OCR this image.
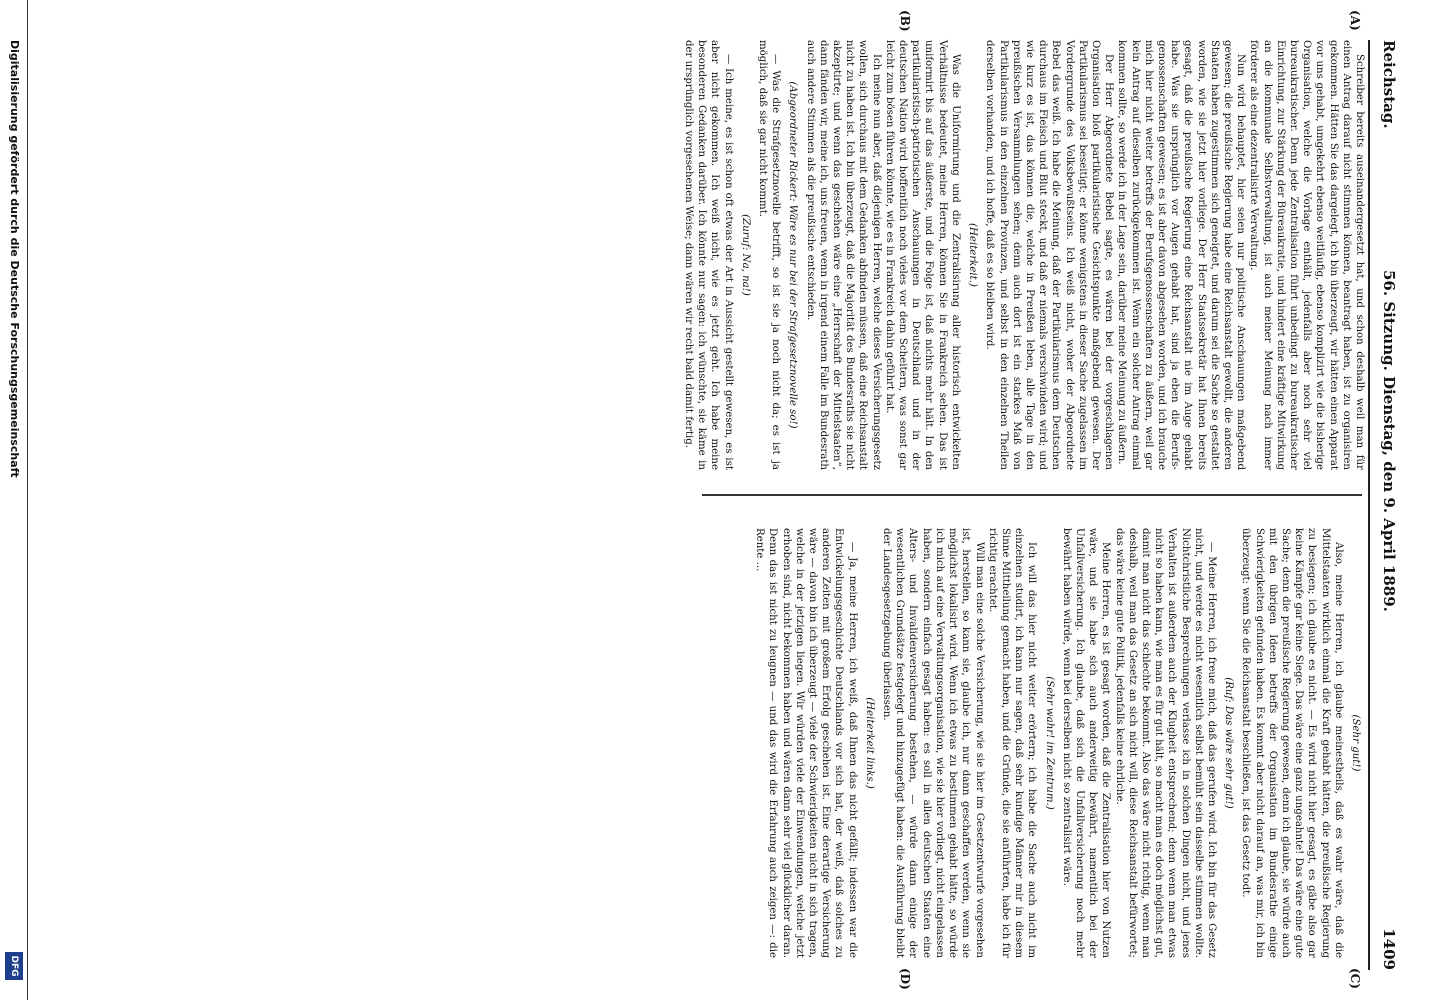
Reichstag.
56. Sitzung. Dienstag, den 9. April 1889.
1409
(A)
(B)
(C)
(D)

Schreiber bereits auseinandergesetzt hat, und schon deshalb weil man für einen Antrag darauf nicht stimmen können, beantragt haben, ist zu organisiren gekommen. Hätten Sie das dargelegt, ich bin überzeugt, wir hätten einen Apparat vor uns gehabt, umgekehrt ebenso weitläufig, ebenso komplizirt wie die bisherige Organisation, welche die Vorlage enthält, jedenfalls aber noch sehr viel bureaukratischer. Denn jede Zentralisation führt unbedingt zu bureaukratischer Einrichtung, zur Stärkung der Büreaukratie, und hindert eine kräftige Mitwirkung an die kommunale Selbstverwaltung, ist auch meiner Meinung nach immer förderer als eine dezentralisirte Verwaltung.

Nun wird behauptet, hier seien nur politische Anschauungen maßgebend gewesen; die preußische Regierung habe eine Reichsanstalt gewollt, die anderen Staaten haben zugestimmen sich geneigtet, und darum sei die Sache so gestaltet worden, wie sie jetzt hier vorliege. Der Herr Staatssekretär hat Ihnen bereits gesagt, daß die preußische Regierung eine Reichsanstalt nie im Auge gehabt habe. Was sie ursprünglich vor Augen gehabt hat, sind ja eben die Berufsgenossenschaften gewesen; es ist aber davon abgesehen worden, und ich brauche mich hier nicht weiter betreffs der Berufsgenossenschaften zu äußern, weil gar kein Antrag auf dieselben zurückgekommen ist. Wenn ein solcher Antrag einmal kommen sollte, so werde ich in der Lage sein, darüber meine Meinung zu äußern.

Der Herr Abgeordnete Bebel sagte, es wären bei der vorgeschlagenen Organisation bloß partikularistische Gesichtspunkte maßgebend gewesen. Der Partikularismus sei beseitigt; er könne wenigstens in dieser Sache zugelassen im Vordergrunde des Volksbewußtseins. Ich weiß nicht, woher der Abgeordnete Bebel das weiß. Ich habe die Meinung, daß der Partikularismus dem Deutschen durchaus im Fleisch und Blut steckt, und daß er niemals verschwinden wird; und wie kurz es ist, das können die, welche in Preußen leben, alle Tage in den preußischen Versammlungen sehen; denn auch dort ist ein starkes Maß von Partikularismus in den einzelnen Provinzen, und selbst in den einzelnen Theilen derselben vorhanden, und ich hoffe, daß es so bleiben wird.

(Heiterkeit.)

Was die Uniformirung und die Zentralisirung aller historisch entwickelten Verhältnisse bedeutet, meine Herren, können Sie in Frankreich sehen. Das ist uniformirt bis auf das äußerste, und die Folge ist, daß nichts mehr hält. In den partikularistisch-patriotischen Anschauungen in Deutschland und in der deutschen Nation wird hoffentlich noch vieles vor dem Scheitern, was sonst gar leicht zum bösen führen könnte, wie es in Frankreich dahin geführt hat.

Ich meine nun aber, daß diejenigen Herren, welche dieses Versicherungsgesetz wollen, sich durchaus mit dem Gedanken abfinden müssen, daß eine Reichsanstalt nicht zu haben ist. Ich bin überzeugt, daß die Majorität des Bundesraths sie nicht akzeptirte; und wenn das geschehen wäre eine „Herrschaft der Mittelstaaten“, dann fänden wir, meine ich, uns freuen, wenn in irgend einem Falle im Bundesrath auch andere Stimmen als die preußische entschieden.

(Abgeordneter Rickert: Wäre es nur bei der Strafgesetznovelle so!)

— Was die Strafgesetznovelle betrifft, so ist sie ja noch nicht da; es ist ja möglich, daß sie gar nicht kommt.

(Zuruf: Na, na!)

— Ich meine, es ist schon oft etwas der Art in Aussicht gestellt gewesen, es ist aber nicht gekommen. Ich weiß nicht, wie es jetzt geht. Ich habe meine besonderen Gedanken darüber. Ich könnte nur sagen: ich wünschte, sie käme in der ursprünglich vorgesehenen Weise; dann wären wir recht bald damit fertig.

(Sehr gut!)

Also, meine Herren, ich glaube meinestheils, daß es wahr wäre, daß die Mittelstaaten wirklich einmal die Kraft gehabt hätten, die preußische Regierung zu besiegen; ich glaube es nicht. — Es wird nicht hier gesagt, es gäbe also gar keine Kämpfe gar keine Siege. Das wäre eine ganz ungeahnte! Das wäre eine gute Sache; denn die preußische Regierung gewesen, denn ich glaube, sie würde auch mit den übrigen Ideen betreffs der Organisation im Bundesrathe einige Schwierigkeiten gefunden haben. Es kommt aber nicht darauf an, was mir, ich bin überzeugt: wenn Sie die Reichsanstalt beschließen, ist das Gesetz todt.

(Ruf: Das wäre sehr gut!)

— Meine Herren, ich freue mich, daß das gerufen wird. Ich bin für das Gesetz nicht, und werde es nicht wesentlich selbst bemüht sein dasselbe stimmen wollte. Nichtchristliche Besprechungen verlasse ich in solchen Dingen nicht, und jenes Verhalten ist außerdem auch der Klugheit entsprechend; denn wenn man etwas nicht so haben kann, wie man es für gut hält, so macht man es doch möglichst gut, damit man nicht das schlechte bekommt. Also das wäre nicht richtig, wenn man deshalb, weil man das Gesetz an sich nicht will, diese Reichsanstalt befürwortet; das wäre keine gute Politik, jedenfalls keine ehrliche.

Meine Herren, es ist gesagt worden, daß die Zentralisation hier von Nutzen wäre, und sie habe sich auch anderweitig bewährt, namentlich bei der Unfallversicherung. Ich glaube, daß sich die Unfallversicherung noch mehr bewährt haben würde, wenn bei derselben nicht so zentralisirt wäre.

(Sehr wahr! im Zentrum.)

Ich will das hier nicht weiter erörtern; ich habe die Sache auch nicht im einzelnen studirt, ich kann nur sagen, daß sehr kundige Männer mir in diesem Sinne Mittheilung gemacht haben, und die Gründe, die sie anführten, habe ich für richtig erachtet.

Will man eine solche Versicherung, wie sie hier im Gesetzentwurfe vorgesehen ist, herstellen, so kann sie, glaube ich, nur dann geschaffen werden, wenn sie möglichst lokalisirt wird. Wenn ich etwas zu bestimmen gehabt hätte, so würde ich mich auf eine Verwaltungsorganisation, wie sie hier vorliegt, nicht eingelassen haben, sondern einfach gesagt haben: es soll in allen deutschen Staaten eine Alters- und Invalidenversicherung bestehen, — würde dann einige der wesentlichen Grundsätze festgelegt und hinzugefügt haben: die Ausführung bleibt der Landesgesetzgebung überlassen.

(Heiterkeit links.)

— Ja, meine Herren, ich weiß, daß Ihnen das nicht gefällt; indessen war die Entwickelungsgeschichte Deutschlands vor sich hat, der weiß, daß solches zu anderen Zeiten mit großem Erfolg geschehen ist. Eine derartige Versicherung wäre — davon bin ich überzeugt — viele der Schwierigkeiten nicht in sich tragen, welche in der jetzigen liegen. Wir würden viele der Einwendungen, welche jetzt erhoben sind, nicht bekommen haben und wären dann sehr viel glücklicher daran. Denn das ist nicht zu leugnen — und das wird die Erfahrung auch zeigen —: die Rente ...

Digitalisierung gefördert durch die Deutsche Forschungsgemeinschaft
DFG
